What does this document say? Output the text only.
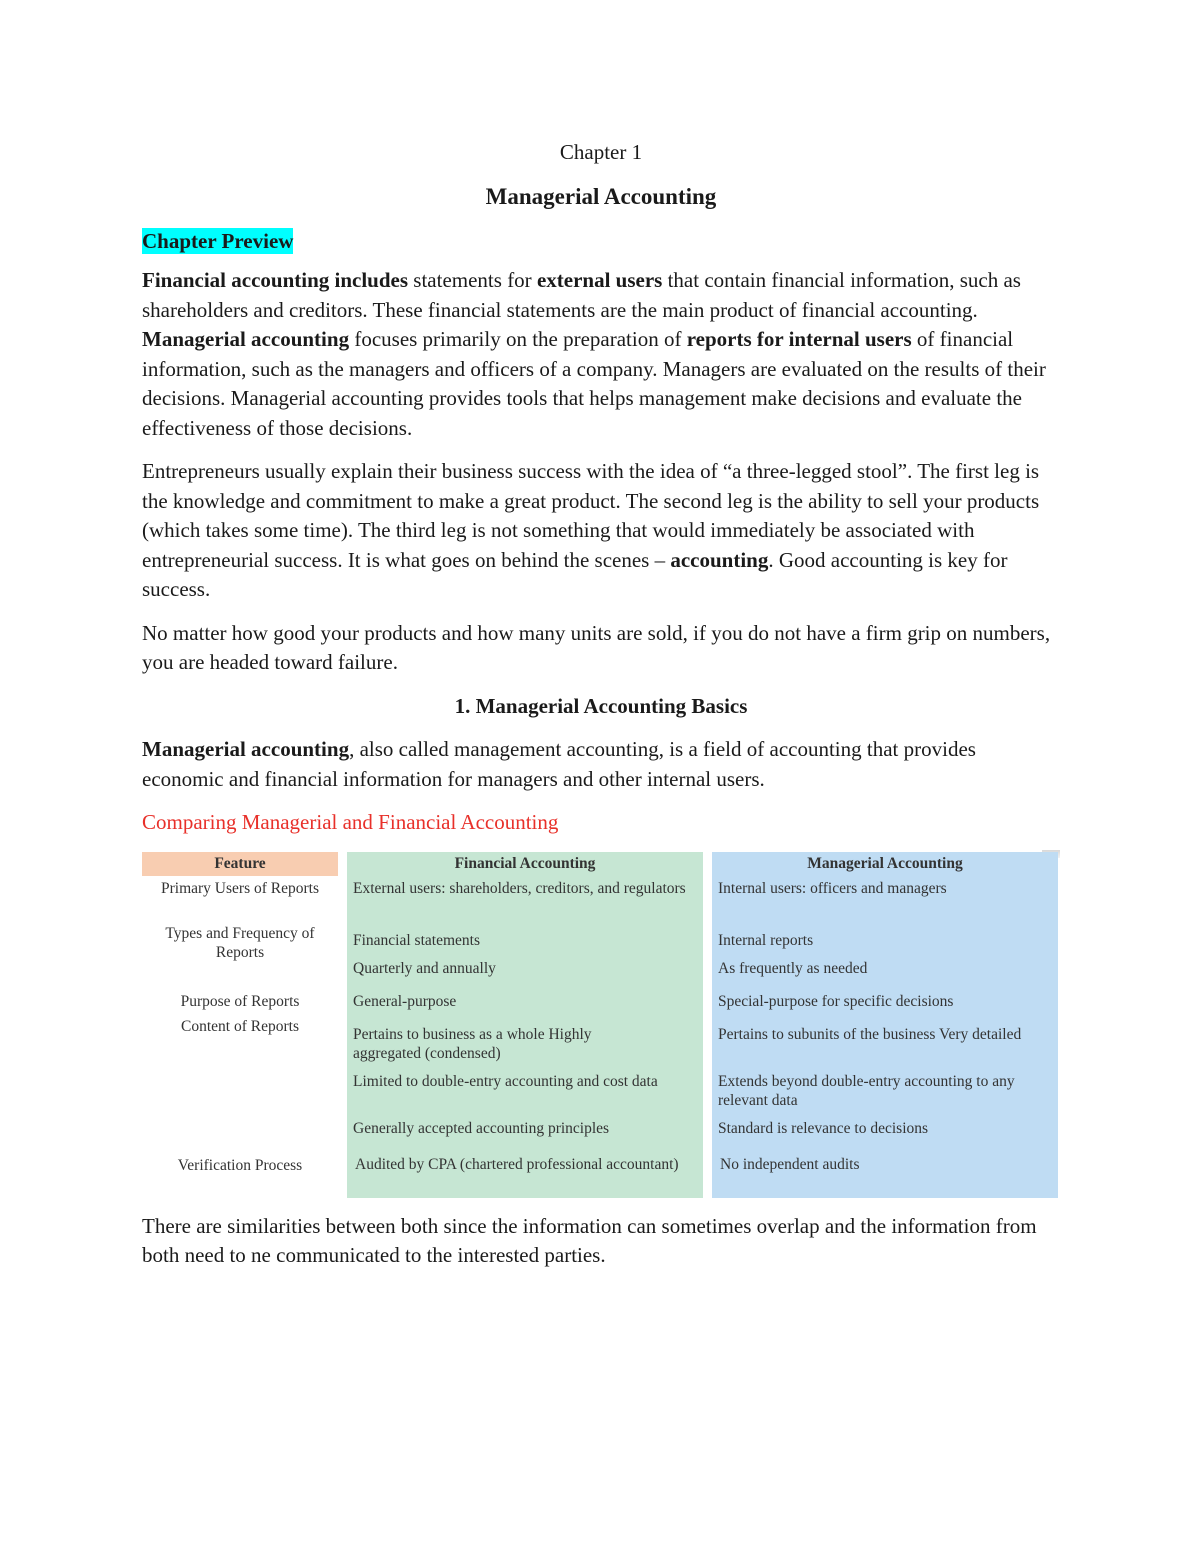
Chapter 1
Managerial Accounting
Chapter Preview

Financial accounting includes statements for external users that contain financial information, such as shareholders and creditors. These financial statements are the main product of financial accounting. Managerial accounting focuses primarily on the preparation of reports for internal users of financial information, such as the managers and officers of a company. Managers are evaluated on the results of their decisions. Managerial accounting provides tools that helps management make decisions and evaluate the effectiveness of those decisions.

Entrepreneurs usually explain their business success with the idea of “a three-legged stool”. The first leg is the knowledge and commitment to make a great product. The second leg is the ability to sell your products (which takes some time). The third leg is not something that would immediately be associated with entrepreneurial success. It is what goes on behind the scenes – accounting. Good accounting is key for success.

No matter how good your products and how many units are sold, if you do not have a firm grip on numbers, you are headed toward failure.

1. Managerial Accounting Basics

Managerial accounting, also called management accounting, is a field of accounting that provides economic and financial information for managers and other internal users.

Comparing Managerial and Financial Accounting
Feature
Primary Users of Reports
Types and Frequency of Reports
Purpose of Reports
Content of Reports
Verification Process
Financial Accounting
External users: shareholders, creditors, and regulators
Financial statements
Quarterly and annually
General-purpose
Pertains to business as a whole Highly aggregated (condensed)
Limited to double-entry accounting and cost data
Generally accepted accounting principles
Audited by CPA (chartered professional accountant)
Managerial Accounting
Internal users: officers and managers
Internal reports
As frequently as needed
Special-purpose for specific decisions
Pertains to subunits of the business Very detailed
Extends beyond double-entry accounting to any relevant data
Standard is relevance to decisions
No independent audits

There are similarities between both since the information can sometimes overlap and the information from both need to ne communicated to the interested parties.
